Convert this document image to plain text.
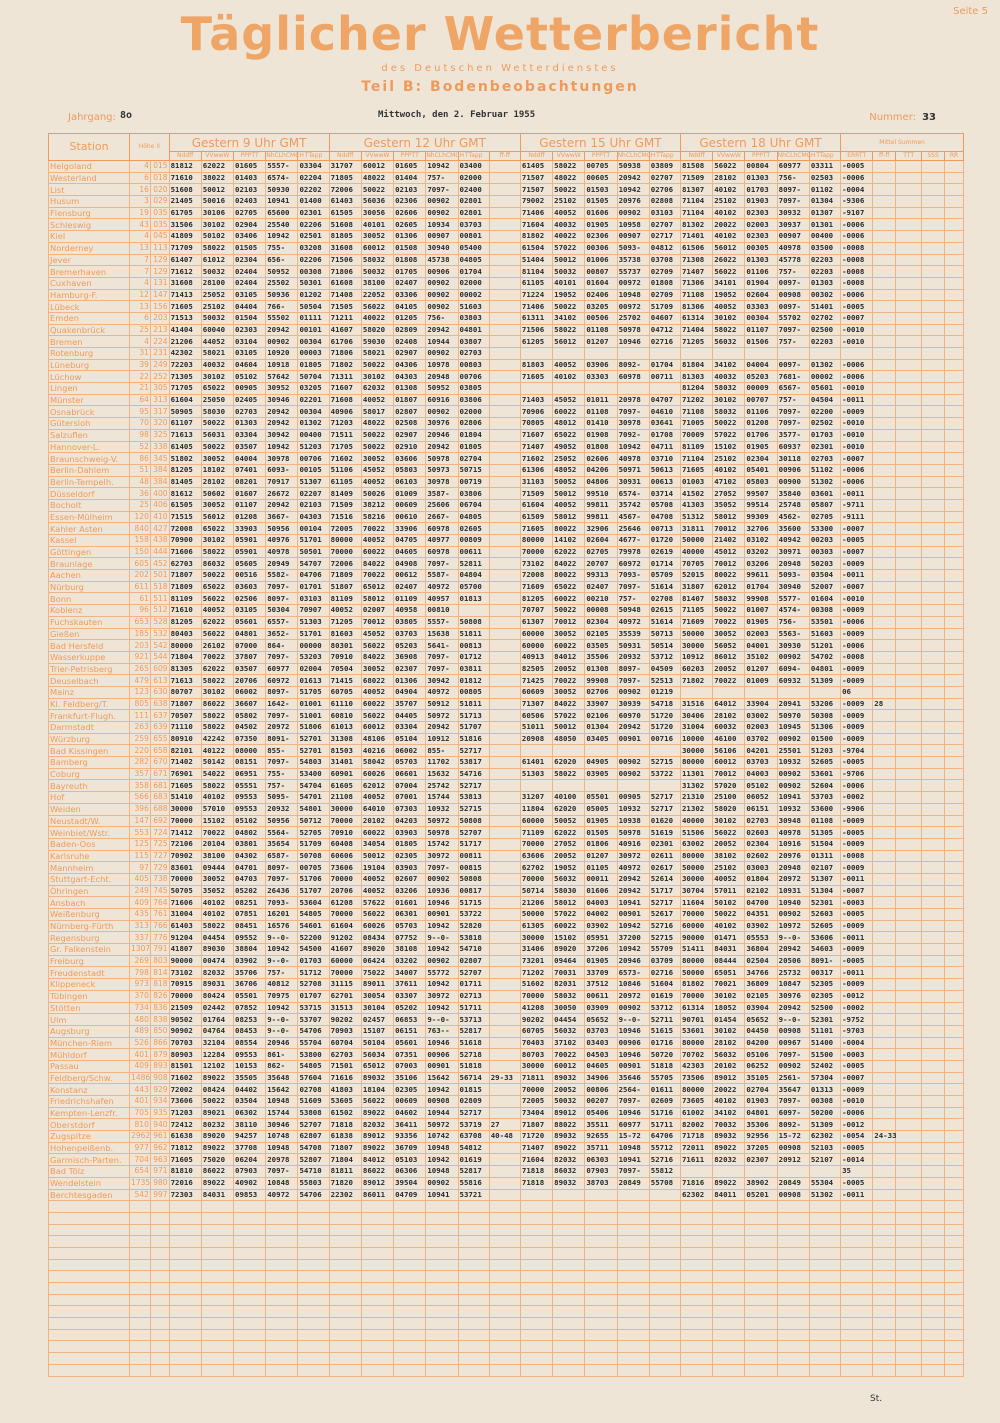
Seite 5
Täglicher Wetterbericht
des Deutschen Wetterdienstes
Teil B: Bodenbeobachtungen
Jahrgang: 8o	Mittwoch, den 2. Februar 1955	Nummer: 33
Station	Höhe II		Gestern 9 Uhr GMT					Gestern 12 Uhr GMT						Gestern 15 Uhr GMT					Gestern 18 Uhr GMT					Mittel Summen				
			Nddff	VVwwW	PPPTT	NhCLhCMCH	TTapp	Nddff	VVwwW	PPPTT	NhCLhCMCH	TTapp	ff-ff	Nddff	VVwwW	PPPTT	NhCLhCMCH	TTapp	Nddff	VVwwW	PPPTT	NhCLhCMCH	TTapp	ERRTT	ff-ff	TTT	SSS	RR
Helgoland	4	015	81812	62022	01605	5557-	03304	31707	60012	01605	10942	03400		61405	58022	00705	50938	03809	81508	56022	00804	60977	03311	-0005				
Westerland	6	018	71610	38022	01403	6574-	02204	71805	48022	01404	757-	02000		71507	48022	00605	20942	02707	71509	28102	01303	756-	02503	-0006				
List	16	020	51608	50012	02103	50930	02202	72006	50022	02103	7097-	02400		71507	50022	01503	10942	02706	81307	40102	01703	8097-	01102	-0004				
Husum	3	029	21405	50016	02403	10941	01400	61403	56036	02306	00902	02801		79002	25102	01505	20976	02808	71104	25102	01903	7097-	01304	-9306				
Flensburg	19	035	61705	30106	02705	65600	02301	61505	30056	02606	00902	02801		71406	40052	01606	00902	03103	71104	40102	02303	30932	01307	-9107				
Schleswig	43	035	31506	30102	02904	25540	02206	51608	40101	02605	10934	03703		71604	40032	01905	10958	02707	81302	20022	02003	30937	01301	-0006				
Kiel	4	045	41809	50102	03406	10942	02501	81805	30052	01306	00907	00801		81802	40022	02306	00907	02717	71401	40102	02303	00907	00400	-0006				
Norderney	13	113	71709	58022	01505	755-	03208	31608	60012	01508	30940	05400		61504	57022	00306	5093-	04812	61506	56012	00305	40978	03500	-0008				
Jever	7	129	61407	61012	02304	656-	02206	71506	58032	01808	45738	04805		51404	50012	01006	35738	03708	71308	26022	01303	45778	02203	-0008				
Bremerhaven	7	129	71612	50032	02404	50952	00308	71806	50032	01705	00906	01704		81104	50032	00807	55737	02709	71407	56022	01106	757-	02203	-0008				
Cuxhaven	4	131	31608	28100	02404	25502	50301	61608	38100	02407	00902	02000		61105	40101	01604	00972	01808	71306	34101	01904	0097-	01303	-0008				
Hamburg-F.	12	147	71413	25052	03105	50936	01202	71408	22052	03306	00902	00002		71224	19052	02406	10948	02709	71108	19052	02604	00908	00302	-0006				
Lübeck	13	156	71605	25102	04404	766-	50504	71505	56022	04105	00902	51603		71406	50022	03205	00972	51709	81306	40052	03303	0097-	51401	-0005				
Emden	6	203	71513	50032	01504	55502	01111	71211	40022	01205	756-	03803		61311	34102	00506	25702	04607	61314	30102	00304	55702	02702	-0007				
Quakenbrück	25	213	41404	60040	02303	20942	00101	41607	58020	02809	20942	04801		71506	58022	01108	50978	04712	71404	58022	01107	7097-	02500	-0010				
Bremen	4	224	21206	44052	03104	00902	00304	61706	59030	02408	10944	03807		61205	56012	01207	10946	02716	71205	56032	01506	757-	02203	-0010				
Rotenburg	31	231	42302	58021	03105	10920	00003	71806	58021	02907	00902	02703																
Lüneburg	39	249	72203	40032	04604	10918	01805	71802	50022	04306	10978	00803		81803	40052	03906	8092-	01704	81804	34102	04004	0097-	01302	-0006				
Lüchow	22	252	71305	30102	05102	57642	50704	71311	30102	04303	20948	00706		71605	40102	03303	60978	00711	81303	40032	05203	7681-	00002	-0006				
Lingen	21	305	71705	65022	00905	30952	03205	71607	62032	01308	50952	03805							81204	58032	00009	6567-	05601	-0010				
Münster	64	313	61604	25050	02405	30946	02201	71608	40052	01807	60916	03806		71403	45052	01011	20978	04707	71202	30102	00707	757-	04504	-0011				
Osnabrück	95	317	50905	58030	02703	20942	00304	40906	58017	02807	00902	02000		70906	60022	01108	7097-	04610	71108	58032	01106	7097-	02200	-0009				
Gütersloh	70	320	61107	50022	01303	20942	01302	71203	48022	02508	30976	02806		70805	48012	01410	30978	03641	71005	50022	01208	7097-	02502	-0010				
Salzuflen	98	325	71613	56031	03304	30942	00400	71511	50022	02907	20946	01804		71607	65022	01908	7092-	01708	70009	57022	01706	3577-	01703	-0010				
Hannover-L.	52	338	61405	50022	03507	10942	51203	71705	50022	02910	20942	01805		71407	49052	01808	10942	04711	81109	15102	01905	6093?	02301	-0010				
Braunschweig-V.	86	345	51802	30052	04004	30978	00706	71602	30052	03606	50978	02704		71602	25052	02606	40978	03710	71104	25102	02304	30118	02703	-0007				
Berlin-Dahlem	51	384	81205	18102	07401	6093-	00105	51106	45052	05803	50973	50715		61306	48052	04206	50971	50613	71605	40102	05401	00906	51102	-0006				
Berlin-Tempelh.	48	384	81405	28102	08201	70917	51307	61105	40052	06103	30978	00719		31103	50052	04806	30931	00613	01003	47102	05803	00900	51302	-0006				
Düsseldorf	36	400	81612	50602	01607	26672	02207	81409	50026	01009	3587-	03806		71509	50012	99510	6574-	03714	41502	27052	99507	35840	03601	-0011				
Bocholt	25	406	61505	30052	01107	20942	02103	71509	38212	00609	25606	06704		61604	40052	99811	35742	05708	41303	35052	99514	25748	05807	-9711				
Essen-Mülheim	120	410	71515	56012	01208	3667-	04303	71516	58216	00610	2667-	04805		61509	58012	99811	4567-	04708	51312	58012	99309	4562-	02705	-9111				
Kahler Asten	840	427	72008	65022	33903	50956	00104	72005	70022	33906	60978	02605		71605	80022	32906	25646	00713	31811	70012	32706	35600	53300	-0007				
Kassel	158	438	70900	30102	05901	40976	51701	80000	40052	04705	40977	00809		80000	14102	02604	4677-	01720	50000	21402	03102	40942	00203	-0005				
Göttingen	150	444	71606	58022	05901	40978	50501	70000	60022	04605	60978	00611		70000	62022	02705	79978	02619	40000	45012	03202	30971	00303	-0007				
Braunlage	605	452	62703	86032	05605	20949	54707	72006	84022	04908	7097-	52811		73102	84022	20707	60972	01714	70705	70012	03206	20948	50203	-0009				
Aachen	202	501	71807	50022	00516	5582-	04706	71809	70022	00612	5587-	04804		72008	80022	99313	7093-	05709	52015	80022	99611	5093-	03504	-0011				
Nürburg	611	518	71809	65022	03603	7097-	01701	51807	65012	02407	40972	05700		71609	65022	02407	7097-	51614	31807	62012	01704	30940	52007	-0007				
Bonn	61	511	81109	56022	02506	8097-	03103	81109	58012	01109	40957	01813		81205	60022	00210	757-	02708	81407	58032	99908	5577-	01604	-0010				
Koblenz	96	512	71610	40052	03105	50304	70907	40052	02007	40958	00810			70707	50022	00008	50948	02615	71105	50022	01007	4574-	00308	-0009				
Fuchskauten	653	528	81205	62022	05601	6557-	51303	71205	70012	03805	5557-	50808		61307	70012	02304	40972	51614	71609	70022	01905	756-	53501	-0006				
Gießen	185	532	80403	56022	04801	3652-	51701	81603	45052	03703	15638	51811		60000	30052	02105	35539	50713	50000	30052	02003	5563-	51603	-0009				
Bad Hersfeld	203	542	80000	26102	07000	864-	00000	80301	56022	05203	5641-	00813		60000	60022	03505	50931	50514	30000	56052	04001	30930	51201	-0006				
Wasserkuppe	921	544	71804	70022	37807	7097-	53203	70910	84022	36908	7097-	01712		40913	84012	35506	20932	53712	10912	86012	35102	00902	54702	-0008				
Trier-Petrisberg	265	609	81305	62022	03507	60977	02004	70504	30052	02307	7097-	03811		82505	20052	01308	8097-	04509	60203	20052	01207	6094-	04801	-0009				
Deuselbach	479	613	71613	58022	20706	60972	01613	71415	68022	01306	30942	01812		71425	70022	99908	7097-	52513	71802	70022	01009	60932	51309	-0009				
Mainz	123	630	80707	30102	06002	8097-	51705	60705	40052	04904	40972	00805		60609	30052	02706	00902	01219						06				
Kl. Feldberg/T.	805	638	71807	86022	36607	1642-	01001	61110	60022	35707	50912	51811		71307	84022	33907	30939	54718	31516	64012	33904	20941	53206	-0009	28			
Frankfurt-Flugh.	111	637	70507	58022	05802	7097-	51001	60810	56022	04405	50972	51713		60506	57022	02106	60970	51720	30406	28102	03002	50970	50308	-0009				
Darmstadt	263	639	71110	58022	04502	20972	51806	61013	60012	03304	20942	51707		51011	50012	01304	20942	51720	31004	60032	02003	10945	51306	-0009				
Würzburg	259	655	80910	42242	07350	8091-	52701	31308	48106	05104	10912	51816		20908	48050	03405	00901	00716	10000	46100	03702	00902	01500	-0009				
Bad Kissingen	220	658	82101	40122	08000	855-	52701	81503	40216	06002	855-	52717							30000	56106	04201	25501	51203	-9704				
Bamberg	282	670	71402	50142	08151	7097-	54803	31401	58042	05703	11702	53817		61401	62020	04905	00902	52715	80000	60012	03703	10932	52605	-0005				
Coburg	357	671	76901	54022	06951	755-	53400	60901	60026	06601	15632	54716		51303	58022	03905	00902	53722	11301	70012	04003	00902	53601	-9706				
Bayreuth	358	681	71605	58022	05551	757-	54704	61605	62012	07004	25742	52717							31302	57020	05102	00902	52604	-0006				
Hof	566	683	51410	40102	09553	5095-	54701	21108	40052	07001	15744	53813		31207	40100	05501	00905	52717	21310	25100	06052	10941	53703	-0002				
Weiden	396	688	30000	57010	09553	20932	54801	30000	64010	07303	10932	52715		11804	62020	05005	10932	52717	21302	58020	06151	10932	53600	-9906				
Neustadt/W.	147	692	70000	15102	05102	50956	50712	70000	20102	04203	50972	50808		60000	50052	01905	10938	01620	40000	30102	02703	30948	01108	-0009				
Weinbiet/Wstr.	553	724	71412	70022	04802	5564-	52705	70910	60022	03903	50978	52707		71109	62022	01505	50978	51619	51506	56022	02603	40978	51305	-0005				
Baden-Oos	125	725	72106	20104	03801	35654	51709	60408	34054	01805	15742	51717		70000	27052	01806	40916	02301	63002	20052	02304	10916	51504	-0009				
Karlsruhe	115	727	70902	38100	04302	6587-	50708	60606	50012	02305	30972	00811		63606	20052	01207	30972	02611	80000	38102	02602	20976	01311	-0008				
Mannheim	97	729	83601	09444	04701	8097-	00705	73606	19104	03903	7097-	00815		62702	19052	01105	40972	02617	50000	25102	03003	20948	02107	-0009				
Stuttgart-Echt.	405	738	70000	30052	04703	7097-	51706	70000	40052	02607	00902	50808		70000	56032	00011	20942	52614	30000	40052	01804	20972	51307	-0011				
Öhringen	249	745	50705	35052	05202	26436	51707	20706	40052	03206	10936	00817		50714	58030	01606	20942	51717	30704	57011	02102	10931	51304	-0007				
Ansbach	409	764	71606	40102	08251	7093-	53604	61208	57622	01601	10946	51715		21206	58012	04003	10941	52717	11604	50102	04700	10940	52301	-0003				
Weißenburg	435	761	31004	40102	07851	16201	54805	70000	56022	06301	00901	53722		50000	57022	04002	00901	52617	70000	50022	04351	00902	52603	-0005				
Nürnberg-Fürth	313	766	61403	58022	08451	16576	54601	61604	60026	05703	10942	52820		61305	60022	03902	10942	52716	60000	40102	03902	10972	52605	-0009				
Regensburg	337	776	91204	04454	09552	9--0-	52200	91202	08434	07752	9--0-	53818		30000	15102	05951	37200	52715	90000	01471	05553	9--0-	53606	-0011				
Gr. Falkenstein	1307	791	41807	89030	38804	10942	54500	41607	89020	38108	10942	54710		31406	89020	37206	10942	55709	51411	84031	36804	20942	54603	-0009				
Freiburg	269	803	90000	00474	03902	9--0-	01703	60000	06424	03202	00902	02807		73201	09464	01905	20946	03709	80000	08444	02504	20506	8091-	-0005				
Freudenstadt	798	814	73102	82032	35706	757-	51712	70000	75022	34007	55772	52707		71202	70031	33709	6573-	02716	50000	65051	34766	25732	00317	-0011				
Klippeneck	973	818	70915	89031	36706	40812	52708	31115	89011	37611	10942	01711		51602	82031	37512	10846	51604	81802	70021	36809	10847	52305	-0009				
Tübingen	370	826	70000	80424	05501	70975	01707	62701	30054	03307	30972	02713		70000	58032	00611	20972	01619	70000	30102	02105	30976	02305	-0012				
Stötten	734	836	21509	02442	07852	10942	53715	31513	30104	05202	10942	51711		41208	30050	03909	00902	53712	61314	18052	03904	20942	52500	-0002				
Ulm	480	838	90502	01764	08253	9--0-	53707	90202	02457	06853	9--0-	53713		90202	04454	05652	9--0-	52711	90701	01454	05652	9--0-	52301	-9752				
Augsburg	489	850	90902	04764	08453	9--0-	54706	70903	15107	06151	763--	52817		60705	56032	03703	10946	51615	53601	30102	04450	00908	51101	-9703				
München-Riem	526	866	70703	32104	08554	20946	55704	60704	50104	05601	10946	51618		70403	37102	03403	00906	01716	80000	28102	04200	00967	51400	-0004				
Mühldorf	401	879	80903	12284	09553	861-	53800	62703	56034	07351	00906	52718		80703	70022	04503	10946	50720	70702	56032	05106	7097-	51500	-0003				
Passau	409	893	81501	12102	10153	862-	54805	71501	65012	07003	00901	51818		30000	60012	04605	00901	51818	42303	20102	06252	00902	52402	-0005				
Feldberg/Schw.	1486	908	71602	89022	35505	35648	57604	71616	89032	35106	15642	56714	29-33	71811	89032	34906	35646	55705	73506	89012	35105	2561-	57304	-0007				
Konstanz	443	929	72002	08424	04402	15642	02708	41803	18104	02305	10942	01815		70000	20052	00806	2564-	01611	80000	20022	02704	35647	01313	-0009				
Friedrichshafen	401	934	73606	50022	03504	10948	51609	53605	56022	00609	00908	02809		72005	50032	00207	7097-	02609	73605	40102	01903	7097-	00308	-0010				
Kempten-Lenzfr.	705	935	71203	89021	06302	15744	53808	61502	89022	04602	10944	52717		73404	89012	05406	10946	51716	61002	34102	04801	6097-	50200	-0006				
Oberstdorf	810	940	72412	80232	38110	30946	52707	71818	82032	36411	50972	53719	27	71807	88022	35511	60977	51711	82002	70032	35306	8092-	51309	-0012				
Zugspitze	2962	961	61638	89020	94257	10748	62807	61838	89012	93356	10742	63708	40-48	71720	89032	92655	15-72	64706	71718	89032	92956	15-72	62302	-0054	24-33			
Hohenpeißenb.	977	962	71812	89022	37708	10948	54708	71807	89022	36709	10948	54812		71407	89022	35711	10948	55712	72011	89022	37205	00908	52103	-0005				
Garmisch-Parten.	704	963	71605	75020	06204	20978	52807	71804	84012	05103	10942	01619		71604	82032	06303	10941	52716	71611	82032	02307	20912	52107	-0014				
Bad Tölz	654	971	81810	86022	07903	7097-	54710	81811	86022	06306	10948	52817		71818	86032	07903	7097-	55812						35				
Wendelstein	1735	980	72016	89022	40902	10848	55803	71820	89012	39504	00902	55816		71818	89032	38703	20849	55708	71816	89022	38902	20849	55304	-0005				
Berchtesgaden	542	997	72303	84031	09853	40972	54706	22302	86011	04709	10941	53721							62302	84011	05201	00908	51302	-0011				

St.
